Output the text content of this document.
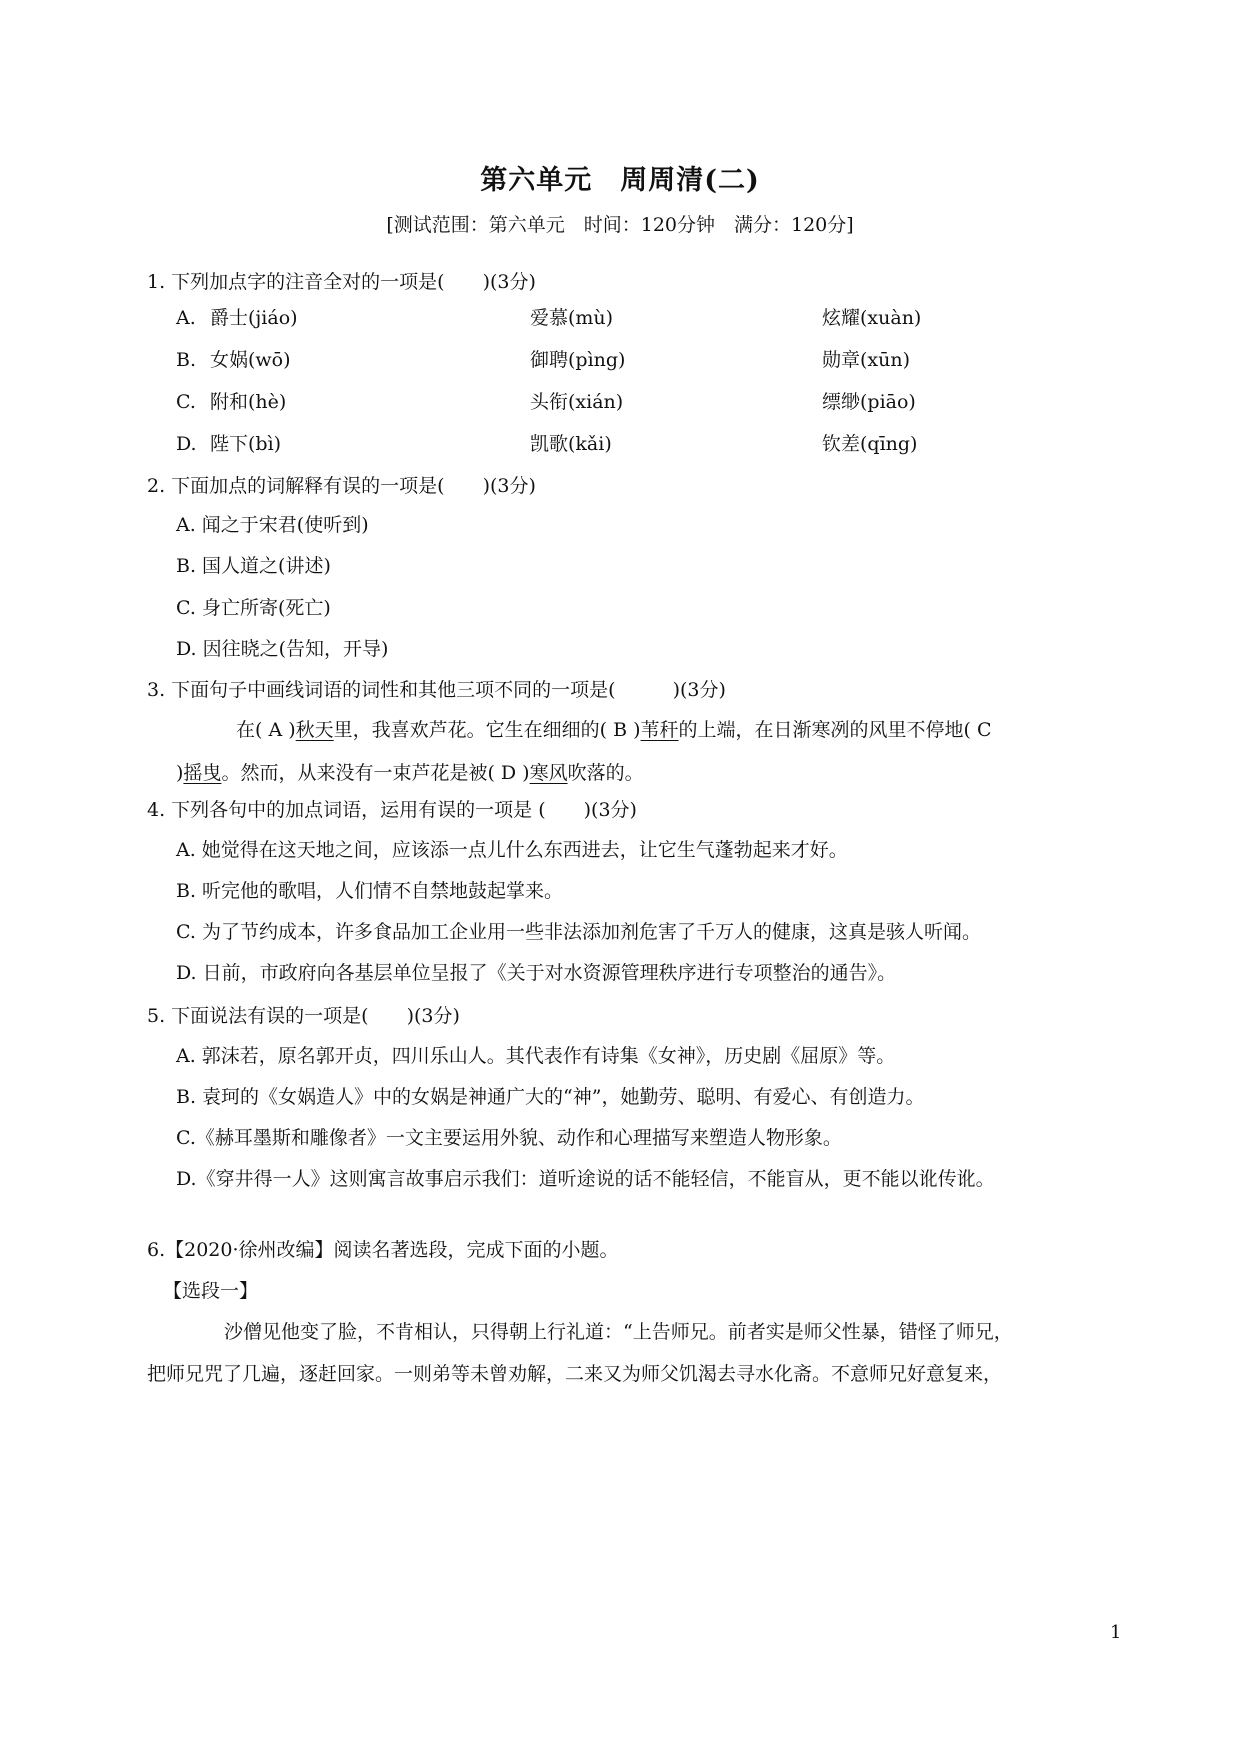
第六单元　周周清(二)
[测试范围：第六单元　时间：120分钟　满分：120分]
1. 下列加点字的注音全对的一项是(　　)(3分)
A. 爵士(jiáo)	爱慕(mù)	炫耀(xuàn)
B. 女娲(wō)	御聘(pìng)	勋章(xūn)
C. 附和(hè)	头衔(xián)	缥缈(piāo)
D. 陛下(bì)	凯歌(kǎi)	钦差(qīng)
2. 下面加点的词解释有误的一项是(　　)(3分)
A. 闻之于宋君(使听到)
B. 国人道之(讲述)
C. 身亡所寄(死亡)
D. 因往晓之(告知，开导)
3. 下面句子中画线词语的词性和其他三项不同的一项是(　　　)(3分)
在( A )秋天里，我喜欢芦花。它生在细细的( B )苇秆的上端，在日渐寒冽的风里不停地( C
)摇曳。然而，从来没有一束芦花是被( D )寒风吹落的。
4. 下列各句中的加点词语，运用有误的一项是 (　　)(3分)
A. 她觉得在这天地之间，应该添一点儿什么东西进去，让它生气蓬勃起来才好。
B. 听完他的歌唱，人们情不自禁地鼓起掌来。
C. 为了节约成本，许多食品加工企业用一些非法添加剂危害了千万人的健康，这真是骇人听闻。
D. 日前，市政府向各基层单位呈报了《关于对水资源管理秩序进行专项整治的通告》。
5. 下面说法有误的一项是(　　)(3分)
A. 郭沫若，原名郭开贞，四川乐山人。其代表作有诗集《女神》，历史剧《屈原》等。
B. 袁珂的《女娲造人》中的女娲是神通广大的“神”，她勤劳、聪明、有爱心、有创造力。
C.《赫耳墨斯和雕像者》一文主要运用外貌、动作和心理描写来塑造人物形象。
D.《穿井得一人》这则寓言故事启示我们：道听途说的话不能轻信，不能盲从，更不能以讹传讹。
6.【2020·徐州改编】阅读名著选段，完成下面的小题。
【选段一】
沙僧见他变了脸，不肯相认，只得朝上行礼道：“上告师兄。前者实是师父性暴，错怪了师兄，
把师兄咒了几遍，逐赶回家。一则弟等未曾劝解，二来又为师父饥渴去寻水化斋。不意师兄好意复来，
1
